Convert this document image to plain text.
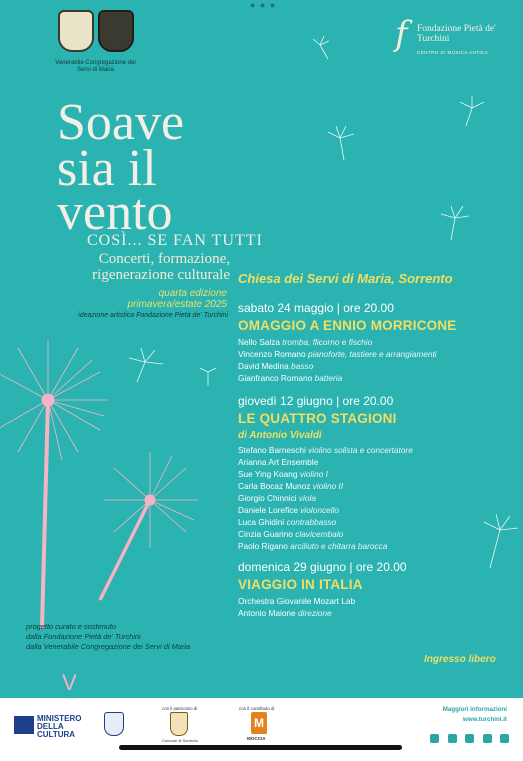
● ● ●
V
Venerabile Congregazione dei Servi di Maria
f Fondazione Pietà de' Turchini
CENTRO DI MUSICA ANTICA
Soave
sia il
vento
COSÌ... SE FAN TUTTI
Concerti, formazione,
rigenerazione culturale
quarta edizione
primavera/estate 2025
ideazione artistica Fondazione Pietà de' Turchini
Chiesa dei Servi di Maria, Sorrento
sabato 24 maggio | ore 20.00
OMAGGIO A ENNIO MORRICONE
Nello Salza tromba, flicorno e fischio
Vincenzo Romano pianoforte, tastiere e arrangiamenti
David Medina basso
Gianfranco Romano batteria
giovedì 12 giugno | ore 20.00
LE QUATTRO STAGIONI
di Antonio Vivaldi
Stefano Barneschi violino solista e concertatore
Arianna Art Ensemble
Sue Ying Koang violino I
Carla Bocaz Munoz violino II
Giorgio Chinnici viola
Daniele Lorefice violoncello
Luca Ghidini contrabbasso
Cinzia Guarino clavicembalo
Paolo Rigano arciliuto e chitarra barocca
domenica 29 giugno | ore 20.00
VIAGGIO IN ITALIA
Orchestra Giovanile Mozart Lab
Antonio Maione direzione
progetto curato e sostenuto
dalla Fondazione Pietà de' Turchini
dalla Venerabile Congregazione dei Servi di Maria
Ingresso libero
MINISTERO DELLA CULTURA
con il patrocinio di
Comune di Sorrento
con il contributo di
M
MOCCIA
Maggiori informazioni
www.turchini.it
